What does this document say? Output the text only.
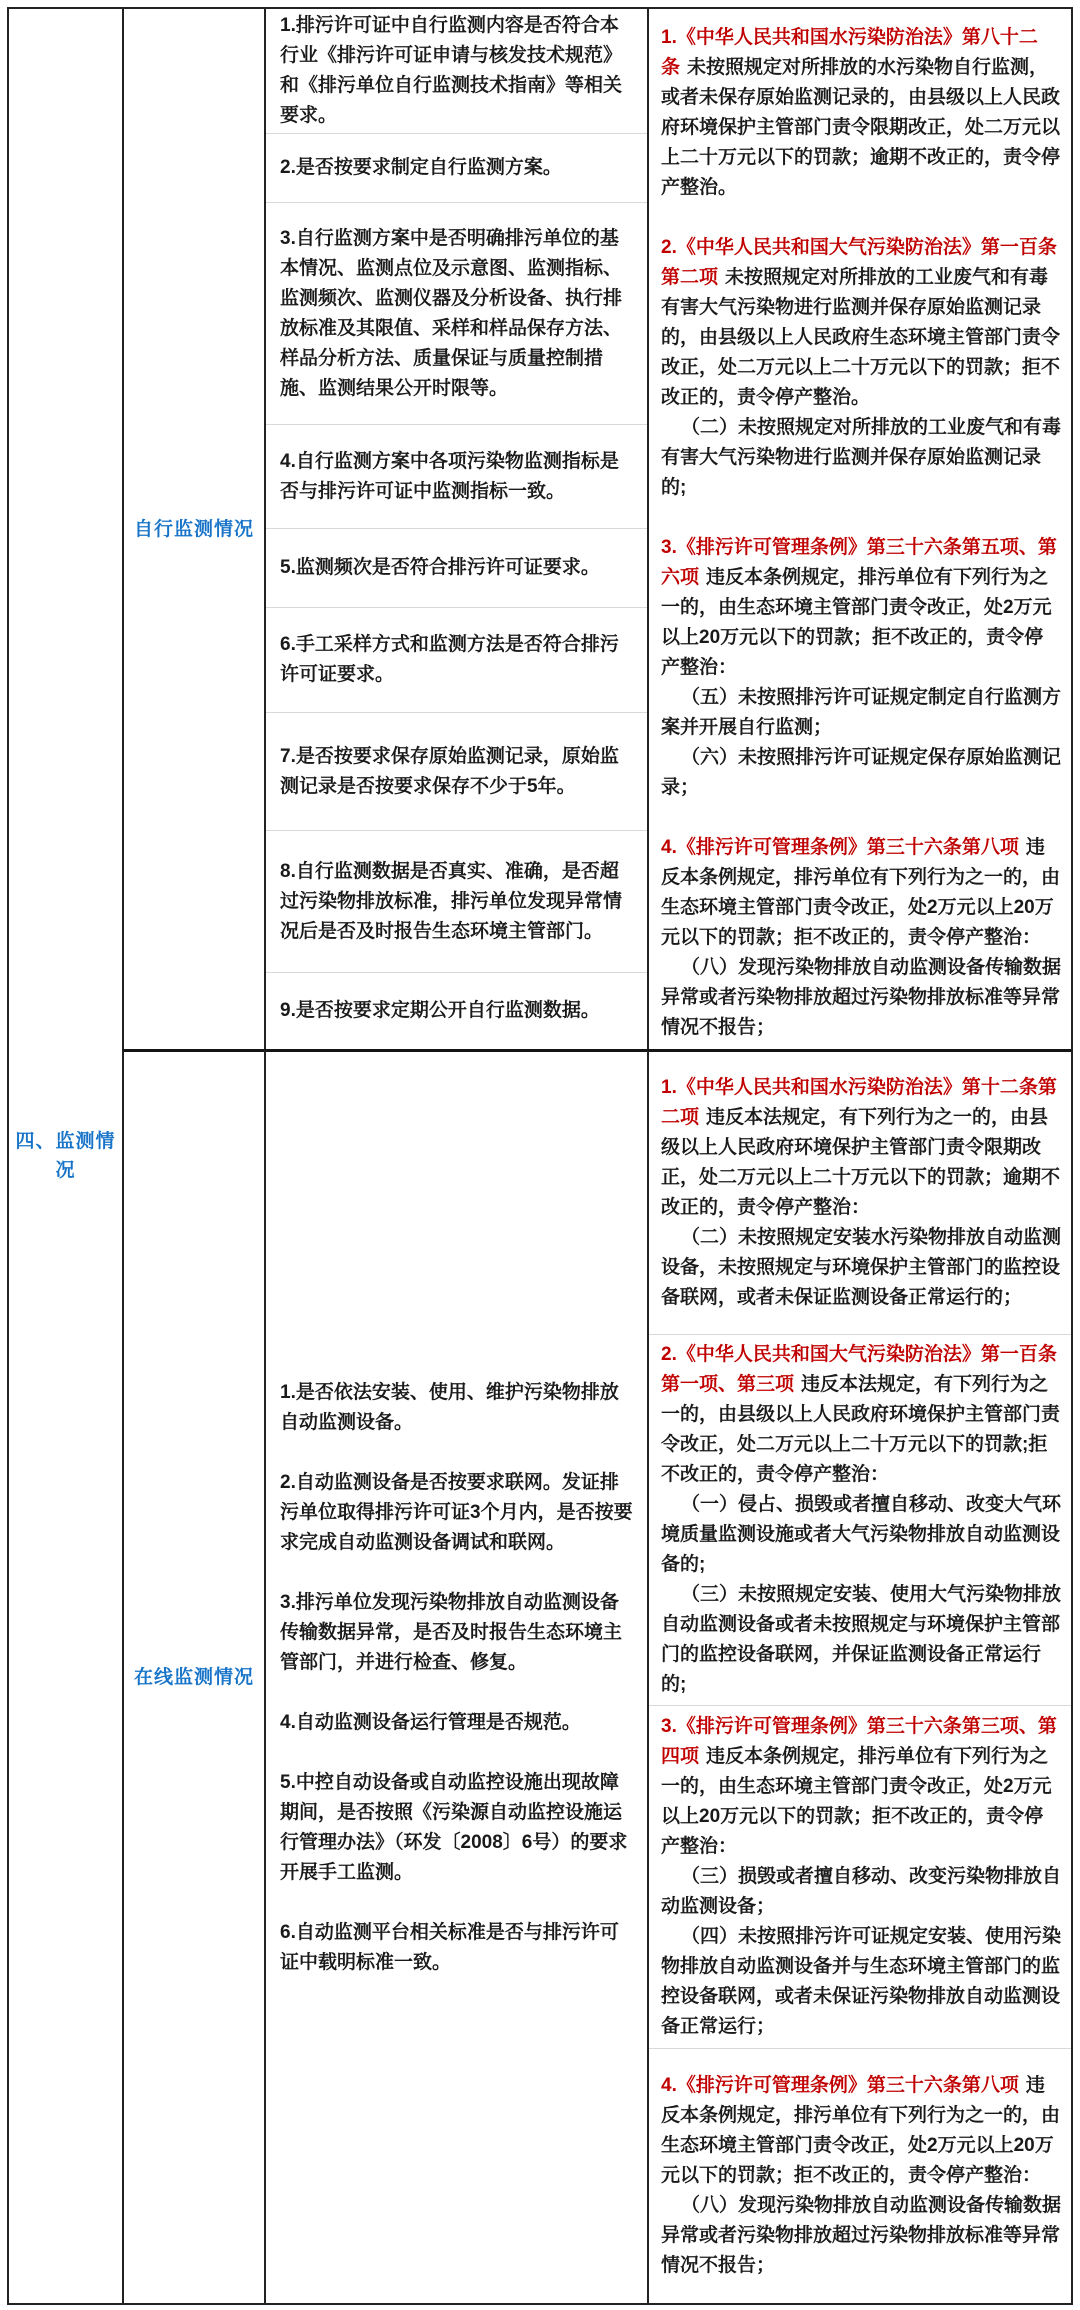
四、监测情况
自行监测情况

1.排污许可证中自行监测内容是否符合本行业《排污许可证申请与核发技术规范》和《排污单位自行监测技术指南》等相关要求。

2.是否按要求制定自行监测方案。

3.自行监测方案中是否明确排污单位的基本情况、监测点位及示意图、监测指标、监测频次、监测仪器及分析设备、执行排放标准及其限值、采样和样品保存方法、样品分析方法、质量保证与质量控制措施、监测结果公开时限等。

4.自行监测方案中各项污染物监测指标是否与排污许可证中监测指标一致。

5.监测频次是否符合排污许可证要求。

6.手工采样方式和监测方法是否符合排污许可证要求。

7.是否按要求保存原始监测记录，原始监测记录是否按要求保存不少于5年。

8.自行监测数据是否真实、准确，是否超过污染物排放标准，排污单位发现异常情况后是否及时报告生态环境主管部门。

9.是否按要求定期公开自行监测数据。

1.《中华人民共和国水污染防治法》第八十二条 未按照规定对所排放的水污染物自行监测，或者未保存原始监测记录的，由县级以上人民政府环境保护主管部门责令限期改正，处二万元以上二十万元以下的罚款；逾期不改正的，责令停产整治。

2.《中华人民共和国大气污染防治法》第一百条第二项 未按照规定对所排放的工业废气和有毒有害大气污染物进行监测并保存原始监测记录的，由县级以上人民政府生态环境主管部门责令改正，处二万元以上二十万元以下的罚款；拒不改正的，责令停产整治。

（二）未按照规定对所排放的工业废气和有毒有害大气污染物进行监测并保存原始监测记录的;

3.《排污许可管理条例》第三十六条第五项、第六项 违反本条例规定，排污单位有下列行为之一的，由生态环境主管部门责令改正，处2万元以上20万元以下的罚款；拒不改正的，责令停产整治：

（五）未按照排污许可证规定制定自行监测方案并开展自行监测；

（六）未按照排污许可证规定保存原始监测记录；

4.《排污许可管理条例》第三十六条第八项 违反本条例规定，排污单位有下列行为之一的，由生态环境主管部门责令改正，处2万元以上20万元以下的罚款；拒不改正的，责令停产整治：

（八）发现污染物排放自动监测设备传输数据异常或者污染物排放超过污染物排放标准等异常情况不报告；

在线监测情况

1.是否依法安装、使用、维护污染物排放自动监测设备。

2.自动监测设备是否按要求联网。发证排污单位取得排污许可证3个月内，是否按要求完成自动监测设备调试和联网。

3.排污单位发现污染物排放自动监测设备传输数据异常，是否及时报告生态环境主管部门，并进行检查、修复。

4.自动监测设备运行管理是否规范。

5.中控自动设备或自动监控设施出现故障期间，是否按照《污染源自动监控设施运行管理办法》（环发〔2008〕6号）的要求开展手工监测。

6.自动监测平台相关标准是否与排污许可证中载明标准一致。

1.《中华人民共和国水污染防治法》第十二条第二项 违反本法规定，有下列行为之一的，由县级以上人民政府环境保护主管部门责令限期改正，处二万元以上二十万元以下的罚款；逾期不改正的，责令停产整治：

（二）未按照规定安装水污染物排放自动监测设备，未按照规定与环境保护主管部门的监控设备联网，或者未保证监测设备正常运行的；

2.《中华人民共和国大气污染防治法》第一百条第一项、第三项 违反本法规定，有下列行为之一的，由县级以上人民政府环境保护主管部门责令改正，处二万元以上二十万元以下的罚款;拒不改正的，责令停产整治：

（一）侵占、损毁或者擅自移动、改变大气环境质量监测设施或者大气污染物排放自动监测设备的;

（三）未按照规定安装、使用大气污染物排放自动监测设备或者未按照规定与环境保护主管部门的监控设备联网，并保证监测设备正常运行的;

3.《排污许可管理条例》第三十六条第三项、第四项 违反本条例规定，排污单位有下列行为之一的，由生态环境主管部门责令改正，处2万元以上20万元以下的罚款；拒不改正的，责令停产整治：

（三）损毁或者擅自移动、改变污染物排放自动监测设备；

（四）未按照排污许可证规定安装、使用污染物排放自动监测设备并与生态环境主管部门的监控设备联网，或者未保证污染物排放自动监测设备正常运行；

4.《排污许可管理条例》第三十六条第八项 违反本条例规定，排污单位有下列行为之一的，由生态环境主管部门责令改正，处2万元以上20万元以下的罚款；拒不改正的，责令停产整治：

（八）发现污染物排放自动监测设备传输数据异常或者污染物排放超过污染物排放标准等异常情况不报告；
